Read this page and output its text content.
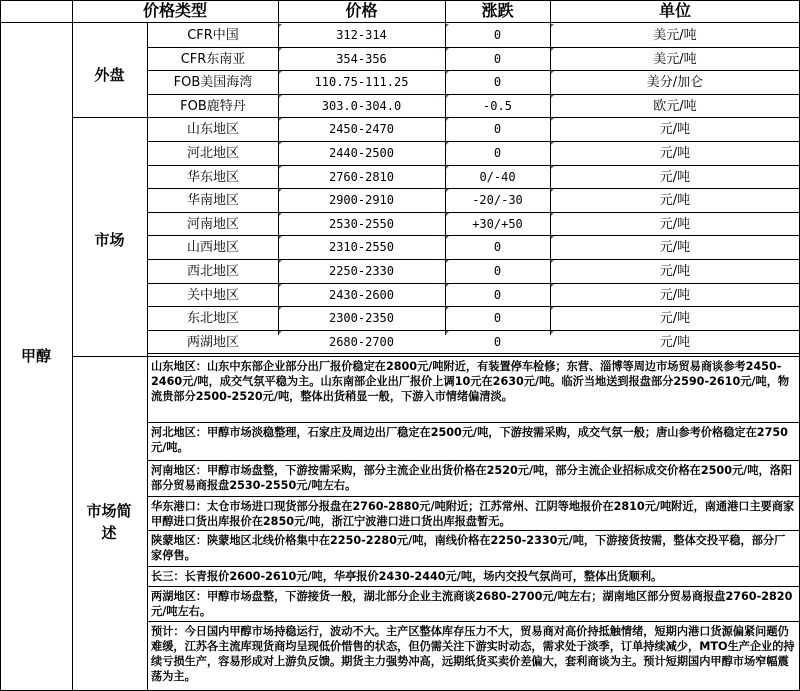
价格类型	价格	涨跌	单位
甲醇
外盘
市场
市场简述
CFR中国	312-314	0	美元/吨
CFR东南亚	354-356	0	美元/吨
FOB美国海湾	110.75-111.25	0	美分/加仑
FOB鹿特丹	303.0-304.0	-0.5	欧元/吨
山东地区	2450-2470	0	元/吨
河北地区	2440-2500	0	元/吨
华东地区	2760-2810	0/-40	元/吨
华南地区	2900-2910	-20/-30	元/吨
河南地区	2530-2550	+30/+50	元/吨
山西地区	2310-2550	0	元/吨
西北地区	2250-2330	0	元/吨
关中地区	2430-2600	0	元/吨
东北地区	2300-2350	0	元/吨
两湖地区	2680-2700	0	元/吨
山东地区：山东中东部企业部分出厂报价稳定在2800元/吨附近，有装置停车检修；东营、淄博等周边市场贸易商谈参考2450-2460元/吨，成交气氛平稳为主。山东南部企业出厂报价上调10元在2630元/吨。临沂当地送到报盘部分2590-2610元/吨，物流贵部分2500-2520元/吨，整体出货稍显一般，下游入市情绪偏清淡。
河北地区：甲醇市场淡稳整理，石家庄及周边出厂稳定在2500元/吨，下游按需采购，成交气氛一般；唐山参考价格稳定在2750元/吨。
河南地区：甲醇市场盘整，下游按需采购，部分主流企业出货价格在2520元/吨，部分主流企业招标成交价格在2500元/吨，洛阳部分贸易商报盘2530-2550元/吨左右。
华东港口：太仓市场进口现货部分报盘在2760-2880元/吨附近；江苏常州、江阴等地报价在2810元/吨附近，南通港口主要商家甲醇进口货出库报价在2850元/吨，浙江宁波港口进口货出库报盘暂无。
陕蒙地区：陕蒙地区北线价格集中在2250-2280元/吨，南线价格在2250-2330元/吨，下游接货按需，整体交投平稳，部分厂家停售。
长三：长青报价2600-2610元/吨，华亭报价2430-2440元/吨，场内交投气氛尚可，整体出货顺利。
两湖地区：甲醇市场盘整，下游接货一般，湖北部分企业主流商谈2680-2700元/吨左右；湖南地区部分贸易商报盘2760-2820元/吨左右。
预计：今日国内甲醇市场持稳运行，波动不大。主产区整体库存压力不大，贸易商对高价持抵触情绪，短期内港口货源偏紧问题仍难缓，江苏各主流库现货商均呈现低价惜售的状态，但仍需关注下游实时动态，需求处于淡季，订单持续减少，MTO生产企业的持续亏损生产，容易形成对上游负反馈。期货主力强势冲高，远期纸货买卖价差偏大，套利商谈为主。预计短期国内甲醇市场窄幅震荡为主。
